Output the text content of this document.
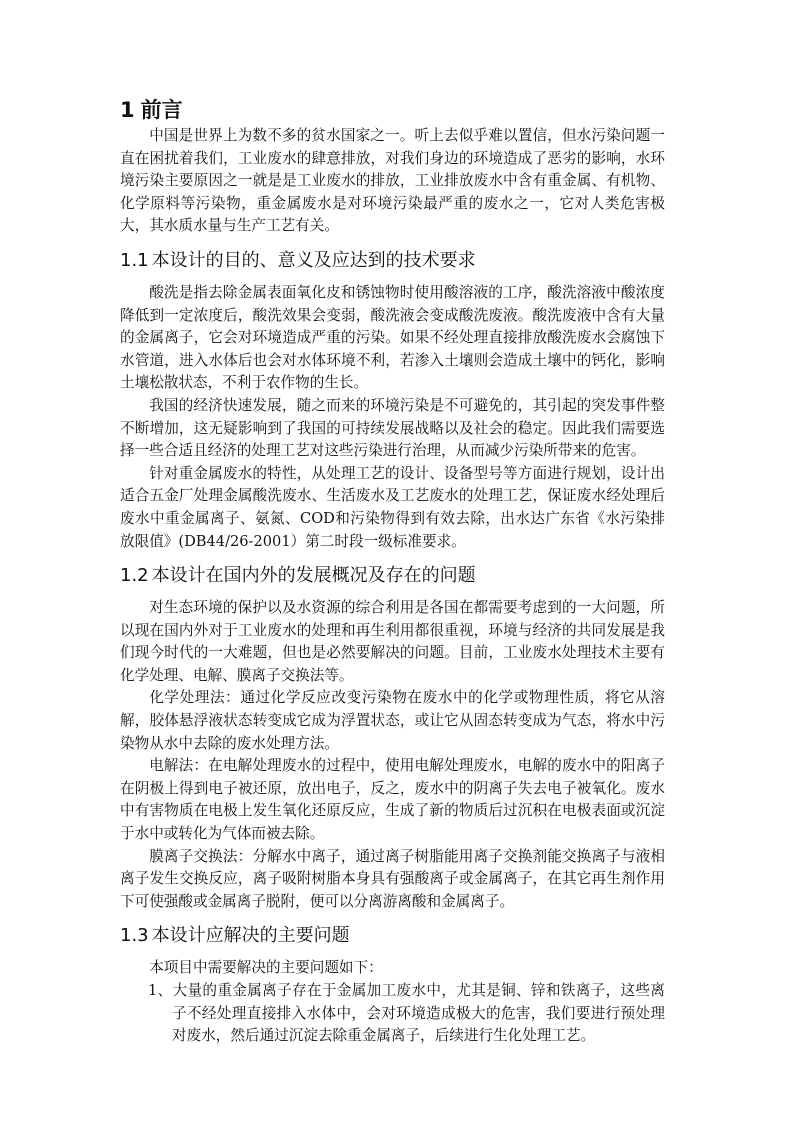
1 前言

中国是世界上为数不多的贫水国家之一。听上去似乎难以置信，但水污染问题一直在困扰着我们，工业废水的肆意排放，对我们身边的环境造成了恶劣的影响，水环境污染主要原因之一就是是工业废水的排放，工业排放废水中含有重金属、有机物、化学原料等污染物，重金属废水是对环境污染最严重的废水之一，它对人类危害极大，其水质水量与生产工艺有关。

1.1 本设计的目的、意义及应达到的技术要求

酸洗是指去除金属表面氧化皮和锈蚀物时使用酸溶液的工序，酸洗溶液中酸浓度降低到一定浓度后，酸洗效果会变弱，酸洗液会变成酸洗废液。酸洗废液中含有大量的金属离子，它会对环境造成严重的污染。如果不经处理直接排放酸洗废水会腐蚀下水管道，进入水体后也会对水体环境不利，若渗入土壤则会造成土壤中的钙化，影响土壤松散状态，不利于农作物的生长。

我国的经济快速发展，随之而来的环境污染是不可避免的，其引起的突发事件整不断增加，这无疑影响到了我国的可持续发展战略以及社会的稳定。因此我们需要选择一些合适且经济的处理工艺对这些污染进行治理，从而减少污染所带来的危害。

针对重金属废水的特性，从处理工艺的设计、设备型号等方面进行规划，设计出适合五金厂处理金属酸洗废水、生活废水及工艺废水的处理工艺，保证废水经处理后废水中重金属离子、氨氮、COD和污染物得到有效去除，出水达广东省《水污染排放限值》(DB44/26-2001）第二时段一级标准要求。

1.2 本设计在国内外的发展概况及存在的问题

对生态环境的保护以及水资源的综合利用是各国在都需要考虑到的一大问题，所以现在国内外对于工业废水的处理和再生利用都很重视，环境与经济的共同发展是我们现今时代的一大难题，但也是必然要解决的问题。目前，工业废水处理技术主要有化学处理、电解、膜离子交换法等。

化学处理法：通过化学反应改变污染物在废水中的化学或物理性质，将它从溶解，胶体悬浮液状态转变成它成为浮置状态，或让它从固态转变成为气态，将水中污染物从水中去除的废水处理方法。

电解法：在电解处理废水的过程中，使用电解处理废水，电解的废水中的阳离子在阴极上得到电子被还原，放出电子，反之，废水中的阴离子失去电子被氧化。废水中有害物质在电极上发生氧化还原反应，生成了新的物质后过沉积在电极表面或沉淀于水中或转化为气体而被去除。

膜离子交换法：分解水中离子，通过离子树脂能用离子交换剂能交换离子与液相离子发生交换反应，离子吸附树脂本身具有强酸离子或金属离子，在其它再生剂作用下可使强酸或金属离子脱附，便可以分离游离酸和金属离子。

1.3 本设计应解决的主要问题

本项目中需要解决的主要问题如下：

1、大量的重金属离子存在于金属加工废水中，尤其是铜、锌和铁离子，这些离子不经处理直接排入水体中，会对环境造成极大的危害，我们要进行预处理对废水，然后通过沉淀去除重金属离子，后续进行生化处理工艺。
